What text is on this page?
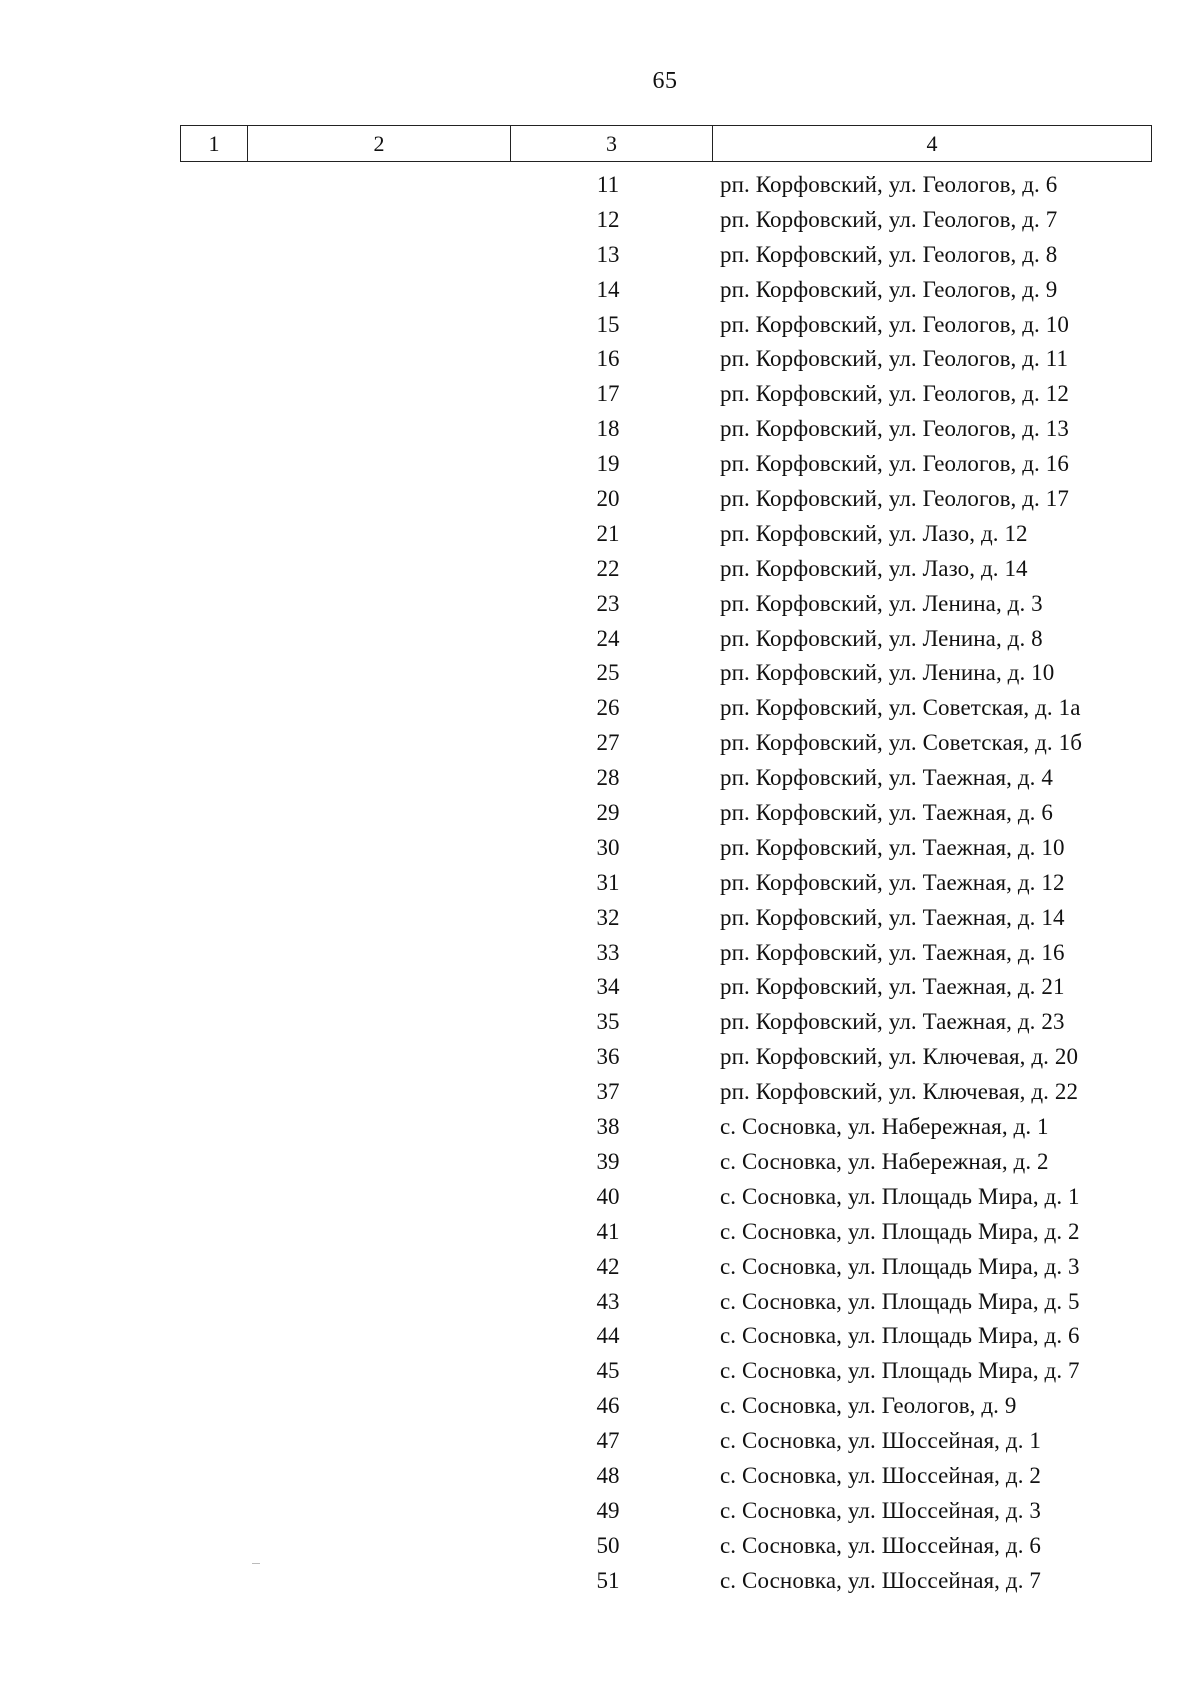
65
1	2	3	4
11	рп. Корфовский, ул. Геологов, д. 6
12	рп. Корфовский, ул. Геологов, д. 7
13	рп. Корфовский, ул. Геологов, д. 8
14	рп. Корфовский, ул. Геологов, д. 9
15	рп. Корфовский, ул. Геологов, д. 10
16	рп. Корфовский, ул. Геологов, д. 11
17	рп. Корфовский, ул. Геологов, д. 12
18	рп. Корфовский, ул. Геологов, д. 13
19	рп. Корфовский, ул. Геологов, д. 16
20	рп. Корфовский, ул. Геологов, д. 17
21	рп. Корфовский, ул. Лазо, д. 12
22	рп. Корфовский, ул. Лазо, д. 14
23	рп. Корфовский, ул. Ленина, д. 3
24	рп. Корфовский, ул. Ленина, д. 8
25	рп. Корфовский, ул. Ленина, д. 10
26	рп. Корфовский, ул. Советская, д. 1а
27	рп. Корфовский, ул. Советская, д. 1б
28	рп. Корфовский, ул. Таежная, д. 4
29	рп. Корфовский, ул. Таежная, д. 6
30	рп. Корфовский, ул. Таежная, д. 10
31	рп. Корфовский, ул. Таежная, д. 12
32	рп. Корфовский, ул. Таежная, д. 14
33	рп. Корфовский, ул. Таежная, д. 16
34	рп. Корфовский, ул. Таежная, д. 21
35	рп. Корфовский, ул. Таежная, д. 23
36	рп. Корфовский, ул. Ключевая, д. 20
37	рп. Корфовский, ул. Ключевая, д. 22
38	с. Сосновка, ул. Набережная, д. 1
39	с. Сосновка, ул. Набережная, д. 2
40	с. Сосновка, ул. Площадь Мира, д. 1
41	с. Сосновка, ул. Площадь Мира, д. 2
42	с. Сосновка, ул. Площадь Мира, д. 3
43	с. Сосновка, ул. Площадь Мира, д. 5
44	с. Сосновка, ул. Площадь Мира, д. 6
45	с. Сосновка, ул. Площадь Мира, д. 7
46	с. Сосновка, ул. Геологов, д. 9
47	с. Сосновка, ул. Шоссейная, д. 1
48	с. Сосновка, ул. Шоссейная, д. 2
49	с. Сосновка, ул. Шоссейная, д. 3
50	с. Сосновка, ул. Шоссейная, д. 6
51	с. Сосновка, ул. Шоссейная, д. 7
